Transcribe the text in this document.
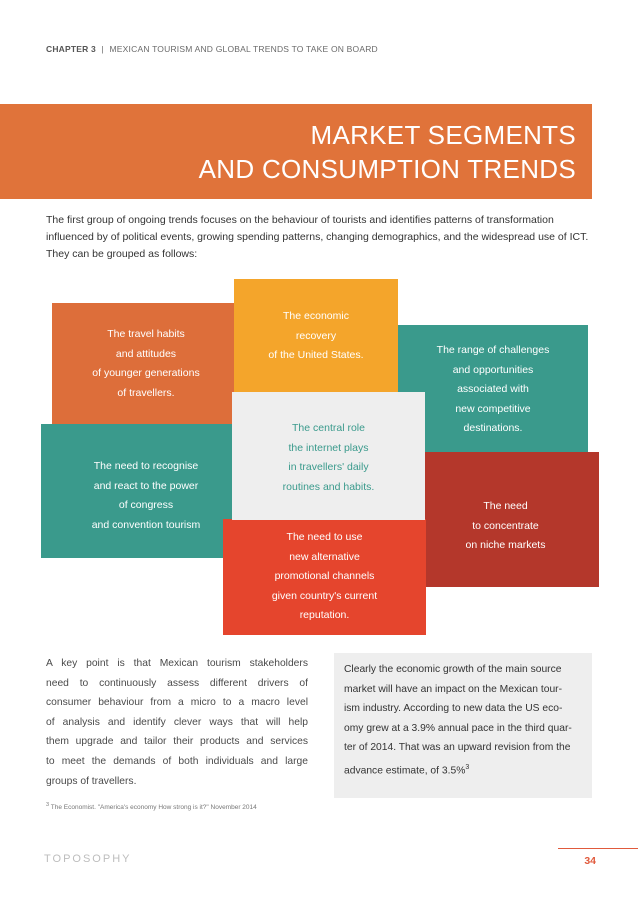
CHAPTER 3 | MEXICAN TOURISM AND GLOBAL TRENDS TO TAKE ON BOARD
MARKET SEGMENTS
AND CONSUMPTION TRENDS
The first group of ongoing trends focuses on the behaviour of tourists and identifies patterns of transformation influenced by of political events, growing spending patterns, changing demographics, and the widespread use of ICT. They can be grouped as follows:
The travel habits
and attitudes
of younger generations
of travellers.
The economic
recovery
of the United States.	The range of challenges
and opportunities
associated with
new competitive
destinations.
The need to recognise
and react to the power
of congress
and convention tourism
The need
to concentrate
on niche markets
The need to use
new alternative
promotional channels
given country's current
reputation.
The central role
the internet plays
in travellers' daily
routines and habits.
A key point is that Mexican tourism stakeholders
need to continuously assess different drivers of
consumer behaviour from a micro to a macro level
of analysis and identify clever ways that will help
them upgrade and tailor their products and services
to meet the demands of both individuals and large
groups of travellers.
Clearly the economic growth of the main source
market will have an impact on the Mexican tour-
ism industry. According to new data the US eco-
omy grew at a 3.9% annual pace in the third quar-
ter of 2014. That was an upward revision from the
advance estimate, of 3.5%$^3$
$^3$ The Economist. "America's economy How strong is it?" November 2014
TOPOSOPHY	34
